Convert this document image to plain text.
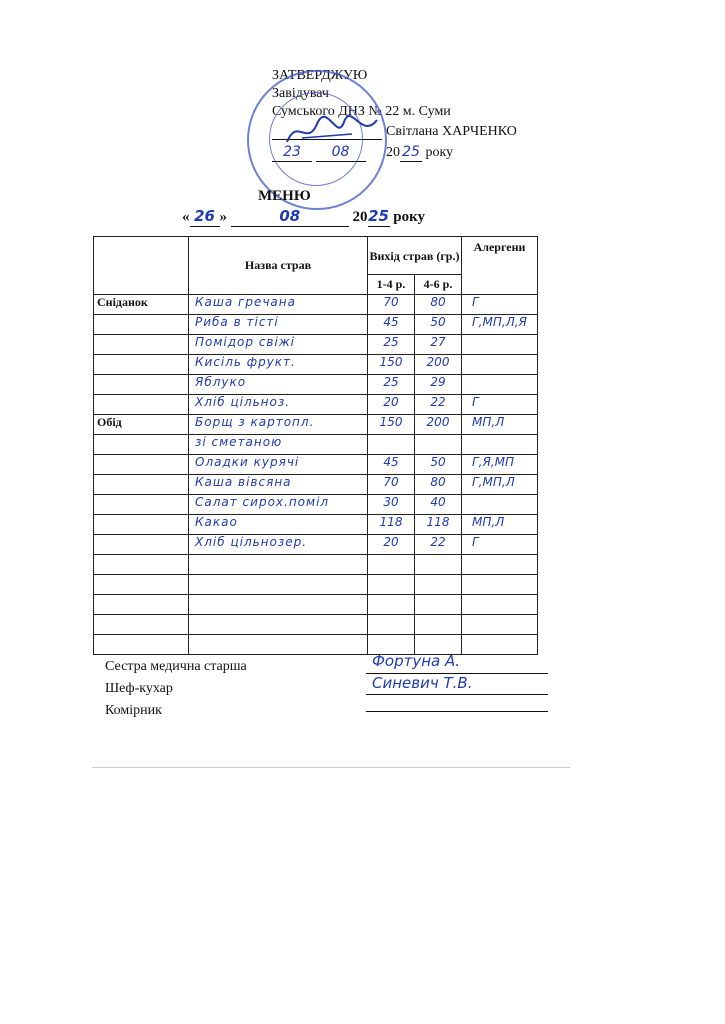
ЗАТВЕРДЖУЮ
Завідувач
Сумського ДНЗ № 22 м. Суми
Світлана ХАРЧЕНКО
23 08	20 25 року
МЕНЮ
« 26 »	08	2025 року
	Назва страв	Вихід страв (гр.)		Алергени
		1-4 р.	4-6 р.	
Сніданок	Каша гречана	70	80	Г
	Риба в тісті	45	50	Г,МП,Л,Я
	Помідор свіжі	25	27	
	Кисіль фрукт.	150	200	
	Яблуко	25	29	
	Хліб цільноз.	20	22	Г
Обід	Борщ з картопл.	150	200	МП,Л
	зі сметаною			
	Оладки курячі	45	50	Г,Я,МП
	Каша вівсяна	70	80	Г,МП,Л
	Салат сирох.поміл	30	40	
	Какао	118	118	МП,Л
	Хліб цільнозер.	20	22	Г

Сестра медична старша	Фортуна А.
Шеф-кухар	Синевич Т.В.
Комірник
